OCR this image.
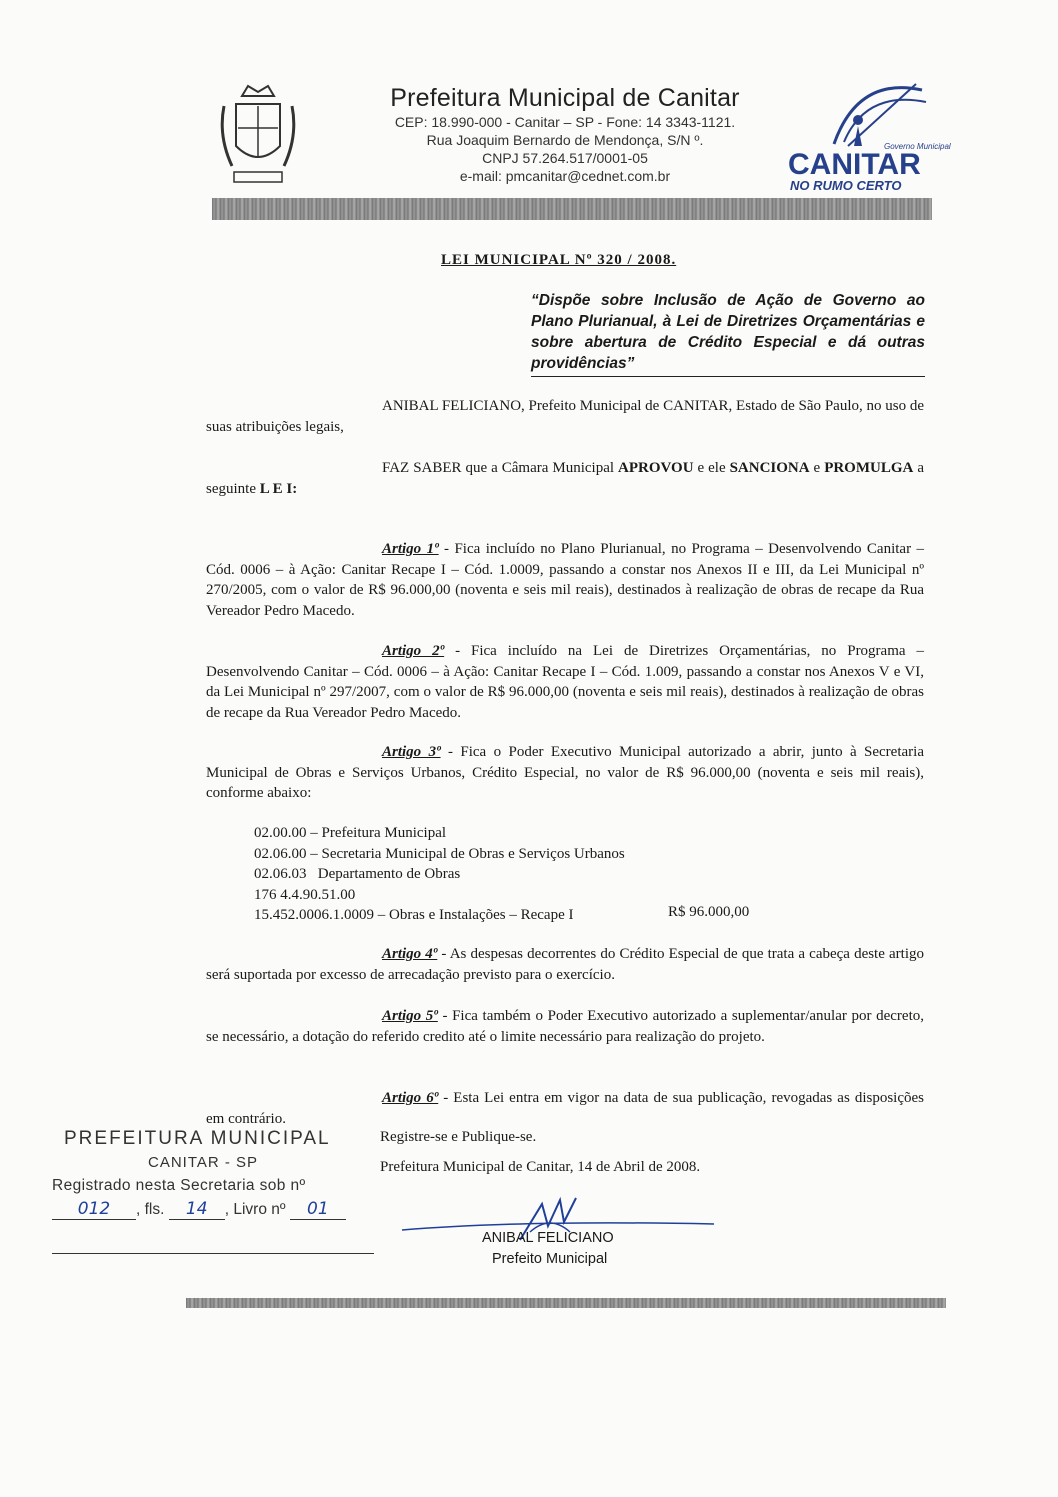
Prefeitura Municipal de Canitar
CEP: 18.990-000 - Canitar – SP - Fone: 14 3343-1121.
Rua Joaquim Bernardo de Mendonça, S/N º.
CNPJ 57.264.517/0001-05
e-mail: pmcanitar@cednet.com.br
Governo Municipal
CANITAR
NO RUMO CERTO
LEI MUNICIPAL Nº 320 / 2008.
“Dispõe sobre Inclusão de Ação de Governo ao Plano Plurianual, à Lei de Diretrizes Orçamentárias e sobre abertura de Crédito Especial e dá outras providências”
ANIBAL FELICIANO, Prefeito Municipal de CANITAR, Estado de São Paulo, no uso de suas atribuições legais,
FAZ SABER que a Câmara Municipal APROVOU e ele SANCIONA e PROMULGA a seguinte L E I:
Artigo 1º - Fica incluído no Plano Plurianual, no Programa – Desenvolvendo Canitar – Cód. 0006 – à Ação: Canitar Recape I – Cód. 1.0009, passando a constar nos Anexos II e III, da Lei Municipal nº 270/2005, com o valor de R$ 96.000,00 (noventa e seis mil reais), destinados à realização de obras de recape da Rua Vereador Pedro Macedo.
Artigo 2º - Fica incluído na Lei de Diretrizes Orçamentárias, no Programa – Desenvolvendo Canitar – Cód. 0006 – à Ação: Canitar Recape I – Cód. 1.009, passando a constar nos Anexos V e VI, da Lei Municipal nº 297/2007, com o valor de R$ 96.000,00 (noventa e seis mil reais), destinados à realização de obras de recape da Rua Vereador Pedro Macedo.
Artigo 3º - Fica o Poder Executivo Municipal autorizado a abrir, junto à Secretaria Municipal de Obras e Serviços Urbanos, Crédito Especial, no valor de R$ 96.000,00 (noventa e seis mil reais), conforme abaixo:
02.00.00 – Prefeitura Municipal
02.06.00 – Secretaria Municipal de Obras e Serviços Urbanos
02.06.03   Departamento de Obras
176 4.4.90.51.00
15.452.0006.1.0009 – Obras e Instalações – Recape I	R$ 96.000,00
Artigo 4º - As despesas decorrentes do Crédito Especial de que trata a cabeça deste artigo será suportada por excesso de arrecadação previsto para o exercício.
Artigo 5º - Fica também o Poder Executivo autorizado a suplementar/anular por decreto, se necessário, a dotação do referido credito até o limite necessário para realização do projeto.
Artigo 6º - Esta Lei entra em vigor na data de sua publicação, revogadas as disposições em contrário.
Registre-se e Publique-se.
Prefeitura Municipal de Canitar, 14 de Abril de 2008.
PREFEITURA MUNICIPAL
CANITAR - SP
Registrado nesta Secretaria sob nº
012 , fls. 14 , Livro nº 01
ANIBAL FELICIANO
Prefeito Municipal
